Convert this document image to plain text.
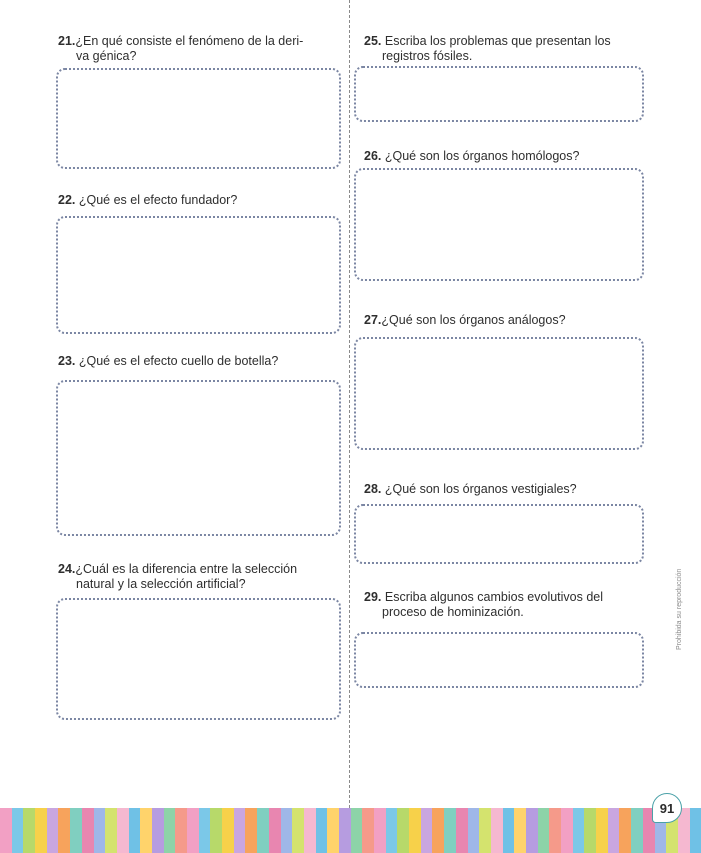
21.¿En qué consiste el fenómeno de la deri-
va génica?
22. ¿Qué es el efecto fundador?
23. ¿Qué es el efecto cuello de botella?
24.¿Cuál es la diferencia entre la selección
natural y la selección artificial?
25. Escriba los problemas que presentan los
registros fósiles.
26. ¿Qué son los órganos homólogos?
27.¿Qué son los órganos análogos?
28. ¿Qué son los órganos vestigiales?
29. Escriba algunos cambios evolutivos del
proceso de hominización.	Prohibida su reproducción
91
